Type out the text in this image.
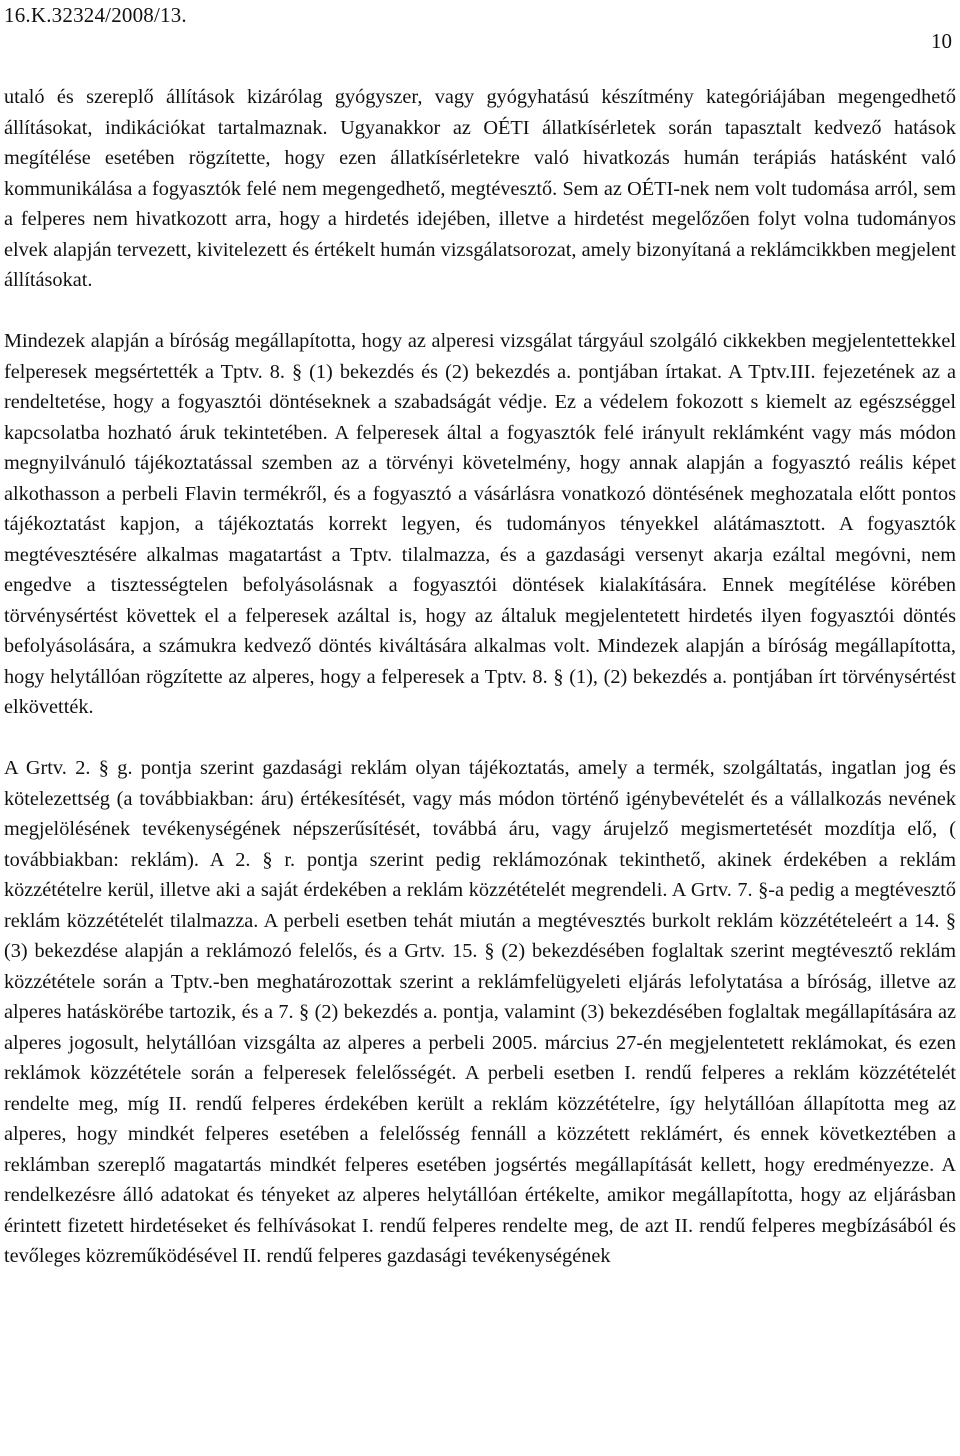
16.K.32324/2008/13.
10

utaló és szereplő állítások kizárólag gyógyszer, vagy gyógyhatású készítmény kategóriájában megengedhető állításokat, indikációkat tartalmaznak. Ugyanakkor az OÉTI állatkísérletek során tapasztalt kedvező hatások megítélése esetében rögzítette, hogy ezen állatkísérletekre való hivatkozás humán terápiás hatásként való kommunikálása a fogyasztók felé nem megengedhető, megtévesztő. Sem az OÉTI-nek nem volt tudomása arról, sem a felperes nem hivatkozott arra, hogy a hirdetés idejében, illetve a hirdetést megelőzően folyt volna tudományos elvek alapján tervezett, kivitelezett és értékelt humán vizsgálatsorozat, amely bizonyítaná a reklámcikkben megjelent állításokat.

Mindezek alapján a bíróság megállapította, hogy az alperesi vizsgálat tárgyául szolgáló cikkekben megjelentettekkel felperesek megsértették a Tptv. 8. § (1) bekezdés és (2) bekezdés a. pontjában írtakat. A Tptv.III. fejezetének az a rendeltetése, hogy a fogyasztói döntéseknek a szabadságát védje. Ez a védelem fokozott s kiemelt az egészséggel kapcsolatba hozható áruk tekintetében. A felperesek által a fogyasztók felé irányult reklámként vagy más módon megnyilvánuló tájékoztatással szemben az a törvényi követelmény, hogy annak alapján a fogyasztó reális képet alkothasson a perbeli Flavin termékről, és a fogyasztó a vásárlásra vonatkozó döntésének meghozatala előtt pontos tájékoztatást kapjon, a tájékoztatás korrekt legyen, és tudományos tényekkel alátámasztott. A fogyasztók megtévesztésére alkalmas magatartást a Tptv. tilalmazza, és a gazdasági versenyt akarja ezáltal megóvni, nem engedve a tisztességtelen befolyásolásnak a fogyasztói döntések kialakítására. Ennek megítélése körében törvénysértést követtek el a felperesek azáltal is, hogy az általuk megjelentetett hirdetés ilyen fogyasztói döntés befolyásolására, a számukra kedvező döntés kiváltására alkalmas volt. Mindezek alapján a bíróság megállapította, hogy helytállóan rögzítette az alperes, hogy a felperesek a Tptv. 8. § (1), (2) bekezdés a. pontjában írt törvénysértést elkövették.

A Grtv. 2. § g. pontja szerint gazdasági reklám olyan tájékoztatás, amely a termék, szolgáltatás, ingatlan jog és kötelezettség (a továbbiakban: áru) értékesítését, vagy más módon történő igénybevételét és a vállalkozás nevének megjelölésének tevékenységének népszerűsítését, továbbá áru, vagy árujelző megismertetését mozdítja elő, ( továbbiakban: reklám). A 2. § r. pontja szerint pedig reklámozónak tekinthető, akinek érdekében a reklám közzétételre kerül, illetve aki a saját érdekében a reklám közzétételét megrendeli. A Grtv. 7. §-a pedig a megtévesztő reklám közzétételét tilalmazza. A perbeli esetben tehát miután a megtévesztés burkolt reklám közzétételeért a 14. § (3) bekezdése alapján a reklámozó felelős, és a Grtv. 15. § (2) bekezdésében foglaltak szerint megtévesztő reklám közzététele során a Tptv.-ben meghatározottak szerint a reklámfelügyeleti eljárás lefolytatása a bíróság, illetve az alperes hatáskörébe tartozik, és a 7. § (2) bekezdés a. pontja, valamint (3) bekezdésében foglaltak megállapítására az alperes jogosult, helytállóan vizsgálta az alperes a perbeli 2005. március 27-én megjelentetett reklámokat, és ezen reklámok közzététele során a felperesek felelősségét. A perbeli esetben I. rendű felperes a reklám közzétételét rendelte meg, míg II. rendű felperes érdekében került a reklám közzétételre, így helytállóan állapította meg az alperes, hogy mindkét felperes esetében a felelősség fennáll a közzétett reklámért, és ennek következtében a reklámban szereplő magatartás mindkét felperes esetében jogsértés megállapítását kellett, hogy eredményezze. A rendelkezésre álló adatokat és tényeket az alperes helytállóan értékelte, amikor megállapította, hogy az eljárásban érintett fizetett hirdetéseket és felhívásokat I. rendű felperes rendelte meg, de azt II. rendű felperes megbízásából és tevőleges közreműködésével II. rendű felperes gazdasági tevékenységének
